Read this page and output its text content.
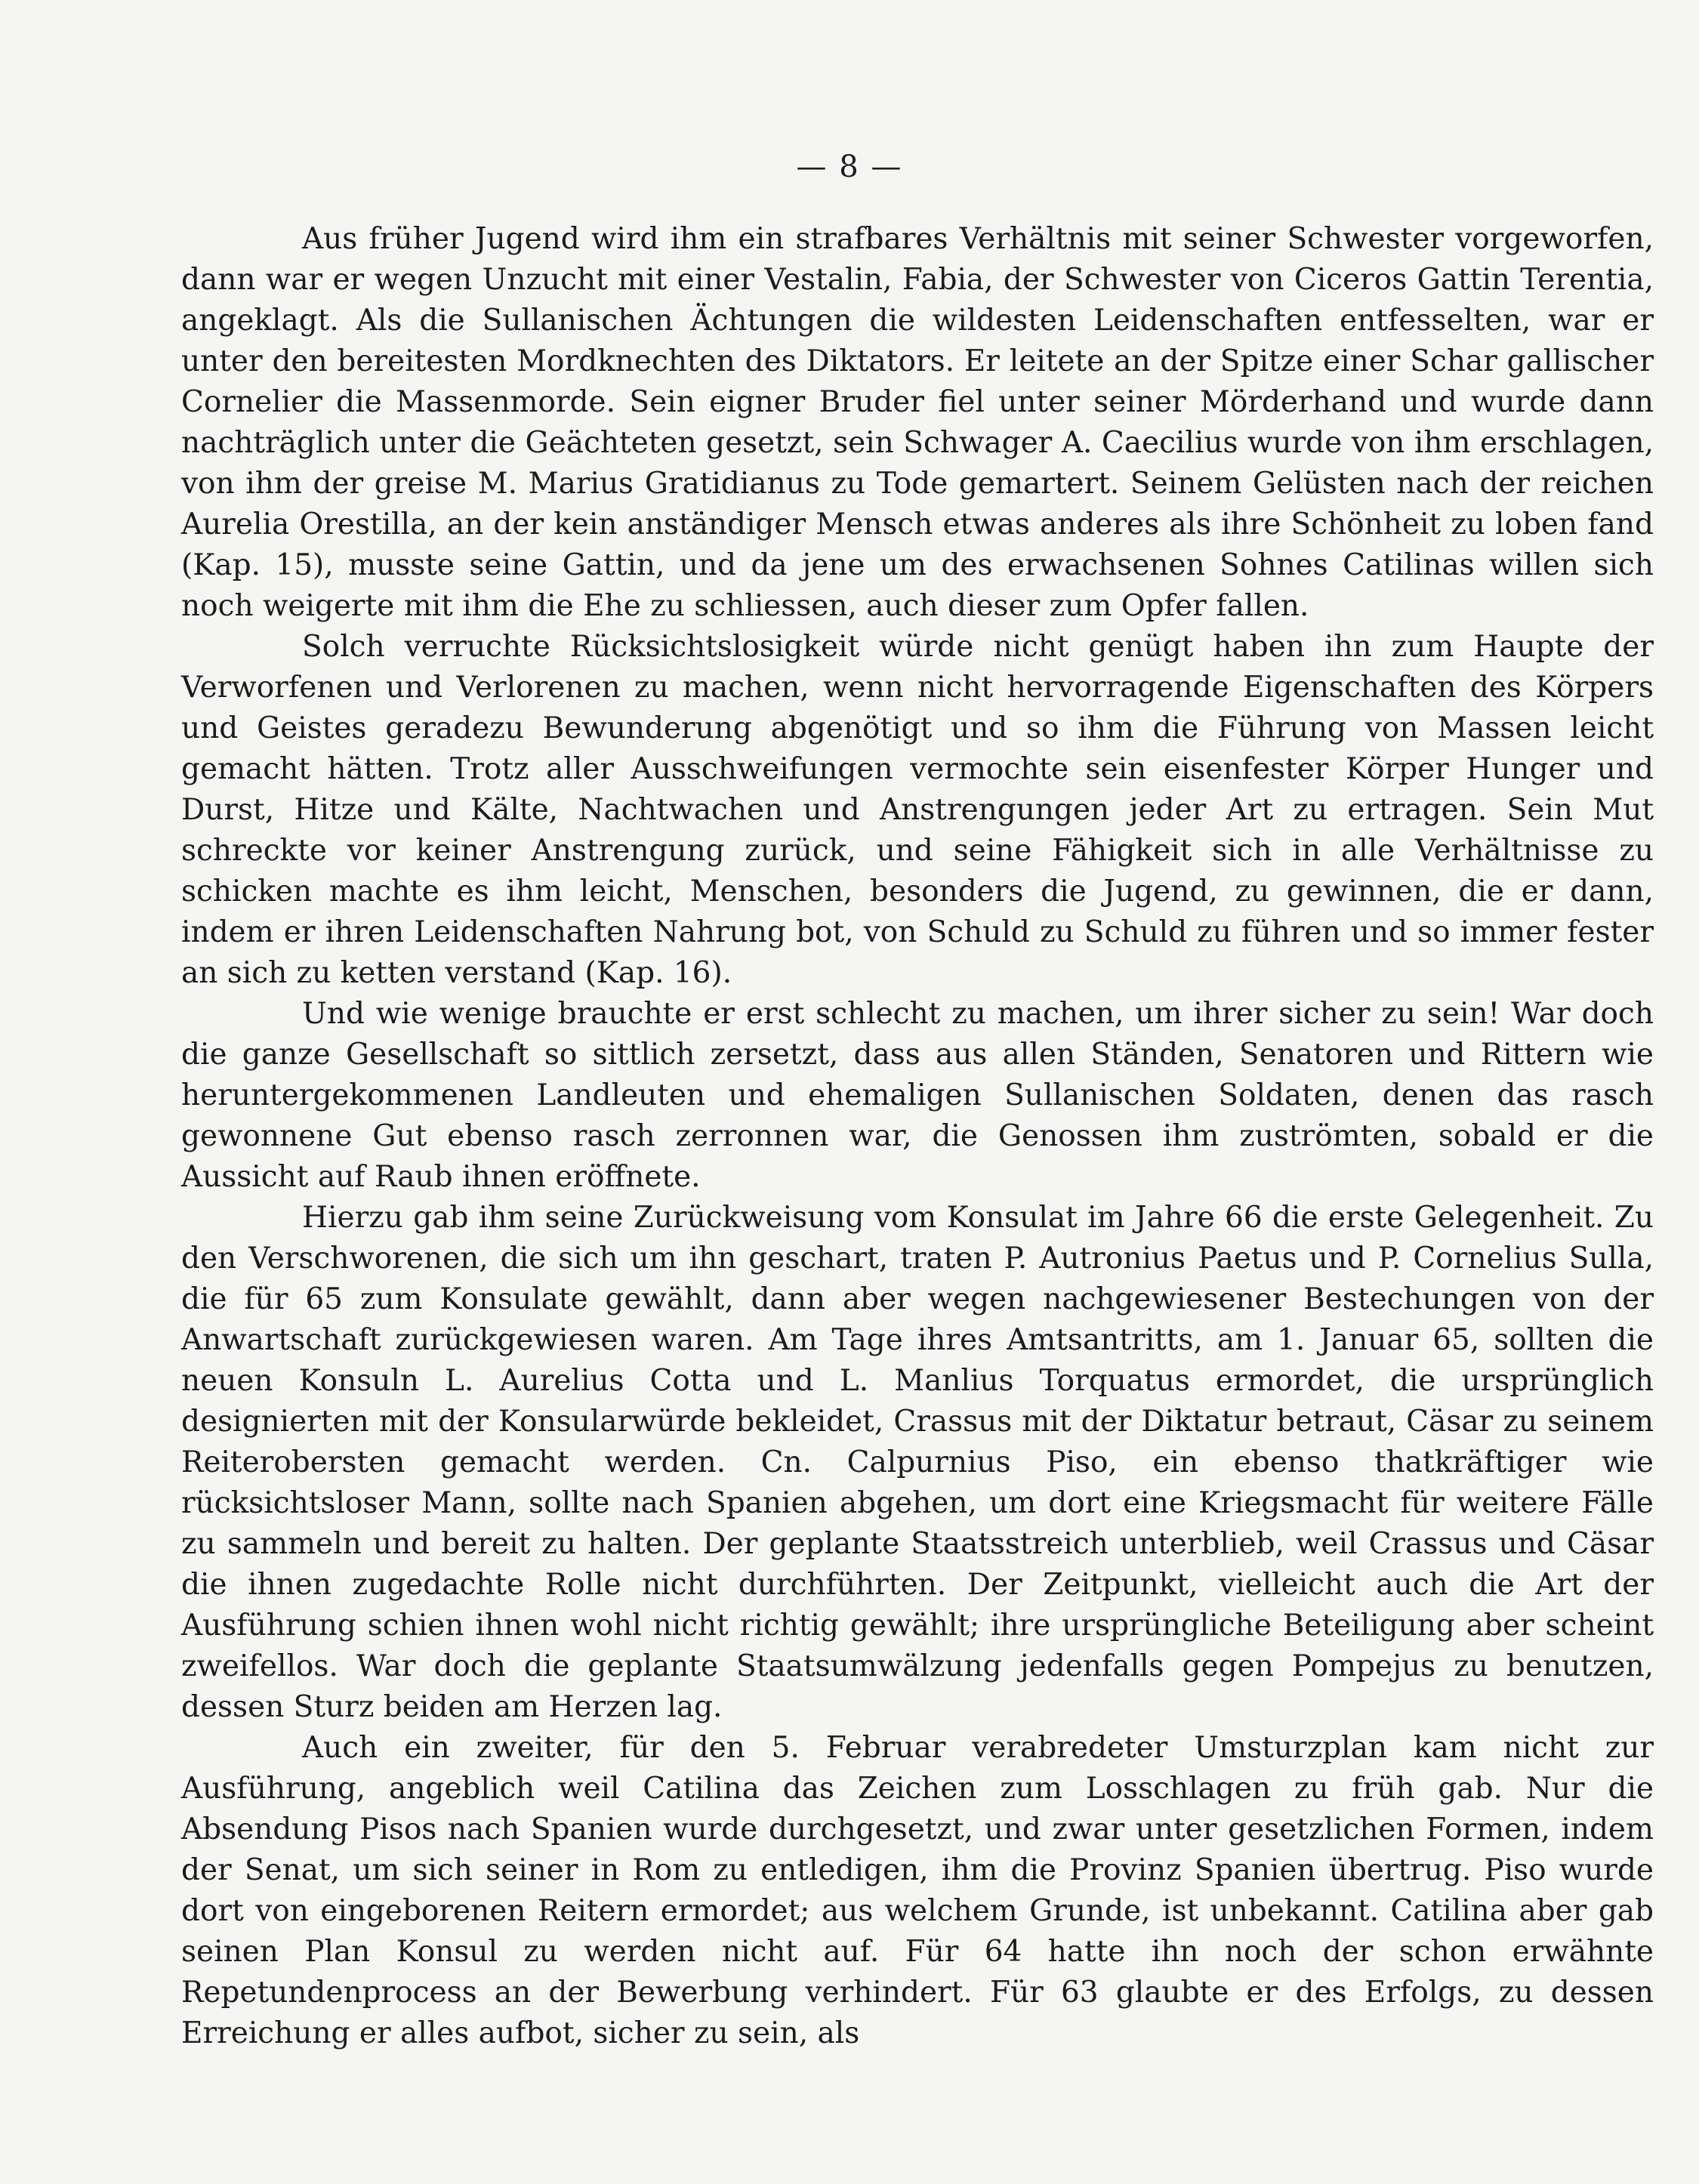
— 8 —

Aus früher Jugend wird ihm ein strafbares Verhältnis mit seiner Schwester vorgeworfen, dann war er wegen Unzucht mit einer Vestalin, Fabia, der Schwester von Ciceros Gattin Terentia, angeklagt. Als die Sullanischen Ächtungen die wildesten Leidenschaften entfesselten, war er unter den bereitesten Mordknechten des Diktators. Er leitete an der Spitze einer Schar gallischer Cornelier die Massenmorde. Sein eigner Bruder fiel unter seiner Mörderhand und wurde dann nachträglich unter die Geächteten gesetzt, sein Schwager A. Caecilius wurde von ihm erschlagen, von ihm der greise M. Marius Gratidianus zu Tode gemartert. Seinem Gelüsten nach der reichen Aurelia Orestilla, an der kein anständiger Mensch etwas anderes als ihre Schönheit zu loben fand (Kap. 15), musste seine Gattin, und da jene um des erwachsenen Sohnes Catilinas willen sich noch weigerte mit ihm die Ehe zu schliessen, auch dieser zum Opfer fallen.

Solch verruchte Rücksichtslosigkeit würde nicht genügt haben ihn zum Haupte der Verworfenen und Verlorenen zu machen, wenn nicht hervorragende Eigenschaften des Körpers und Geistes geradezu Bewunderung abgenötigt und so ihm die Führung von Massen leicht gemacht hätten. Trotz aller Ausschweifungen vermochte sein eisenfester Körper Hunger und Durst, Hitze und Kälte, Nachtwachen und Anstrengungen jeder Art zu ertragen. Sein Mut schreckte vor keiner Anstrengung zurück, und seine Fähigkeit sich in alle Verhältnisse zu schicken machte es ihm leicht, Menschen, besonders die Jugend, zu gewinnen, die er dann, indem er ihren Leidenschaften Nahrung bot, von Schuld zu Schuld zu führen und so immer fester an sich zu ketten verstand (Kap. 16).

Und wie wenige brauchte er erst schlecht zu machen, um ihrer sicher zu sein! War doch die ganze Gesellschaft so sittlich zersetzt, dass aus allen Ständen, Senatoren und Rittern wie heruntergekommenen Landleuten und ehemaligen Sullanischen Soldaten, denen das rasch gewonnene Gut ebenso rasch zerronnen war, die Genossen ihm zuströmten, sobald er die Aussicht auf Raub ihnen eröffnete.

Hierzu gab ihm seine Zurückweisung vom Konsulat im Jahre 66 die erste Gelegenheit. Zu den Verschworenen, die sich um ihn geschart, traten P. Autronius Paetus und P. Cornelius Sulla, die für 65 zum Konsulate gewählt, dann aber wegen nachgewiesener Bestechungen von der Anwartschaft zurückgewiesen waren. Am Tage ihres Amtsantritts, am 1. Januar 65, sollten die neuen Konsuln L. Aurelius Cotta und L. Manlius Torquatus ermordet, die ursprünglich designierten mit der Konsularwürde bekleidet, Crassus mit der Diktatur betraut, Cäsar zu seinem Reiterobersten gemacht werden. Cn. Calpurnius Piso, ein ebenso thatkräftiger wie rücksichtsloser Mann, sollte nach Spanien abgehen, um dort eine Kriegsmacht für weitere Fälle zu sammeln und bereit zu halten. Der geplante Staatsstreich unterblieb, weil Crassus und Cäsar die ihnen zugedachte Rolle nicht durchführten. Der Zeitpunkt, vielleicht auch die Art der Ausführung schien ihnen wohl nicht richtig gewählt; ihre ursprüngliche Beteiligung aber scheint zweifellos. War doch die geplante Staatsumwälzung jedenfalls gegen Pompejus zu benutzen, dessen Sturz beiden am Herzen lag.

Auch ein zweiter, für den 5. Februar verabredeter Umsturzplan kam nicht zur Ausführung, angeblich weil Catilina das Zeichen zum Losschlagen zu früh gab. Nur die Absendung Pisos nach Spanien wurde durchgesetzt, und zwar unter gesetzlichen Formen, indem der Senat, um sich seiner in Rom zu entledigen, ihm die Provinz Spanien übertrug. Piso wurde dort von eingeborenen Reitern ermordet; aus welchem Grunde, ist unbekannt. Catilina aber gab seinen Plan Konsul zu werden nicht auf. Für 64 hatte ihn noch der schon erwähnte Repetundenprocess an der Bewerbung verhindert. Für 63 glaubte er des Erfolgs, zu dessen Erreichung er alles aufbot, sicher zu sein, als
